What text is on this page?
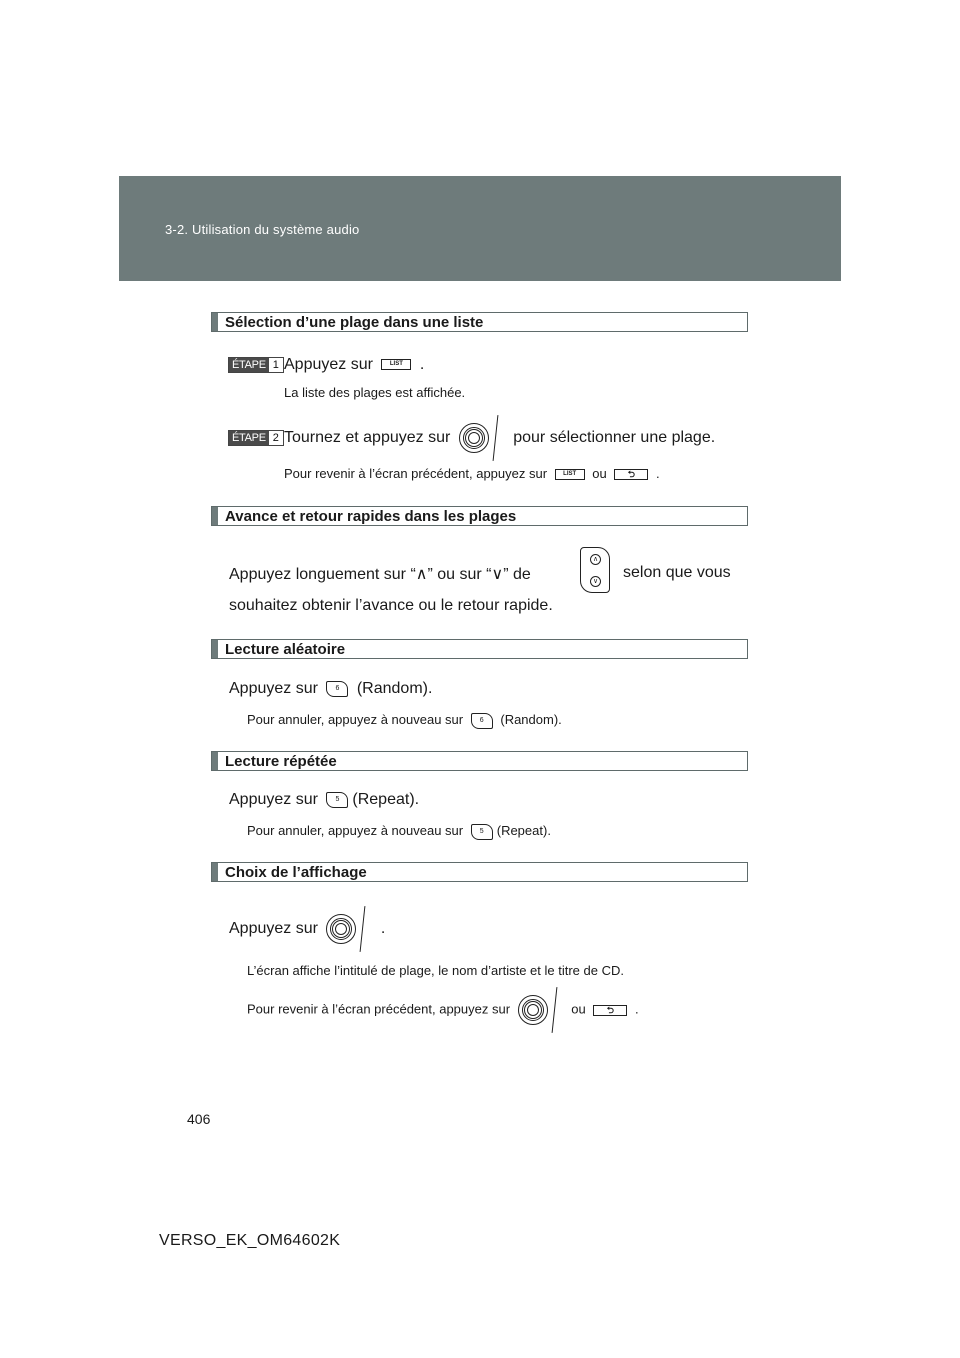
3-2. Utilisation du système audio
Sélection d’une plage dans une liste
ÉTAPE 1 Appuyez sur LIST	.
La liste des plages est affichée.
ÉTAPE 2 Tournez et appuyez sur	pour sélectionner une plage.
Pour revenir à l’écran précédent, appuyez sur LIST	ou ⮌ .
Avance et retour rapides dans les plages
Appuyez longuement sur “∧” ou sur “∨” de
∧
∨
selon que vous
souhaitez obtenir l’avance ou le retour rapide.
Lecture aléatoire
Appuyez sur	6 (Random).
Pour annuler, appuyez à nouveau sur 6 (Random).
Lecture répétée
Appuyez sur	5 (Repeat).
Pour annuler, appuyez à nouveau sur 5 (Repeat).
Choix de l’affichage
Appuyez sur	.
L’écran affiche l’intitulé de plage, le nom d’artiste et le titre de CD.
Pour revenir à l’écran précédent, appuyez sur	ou ⮌ .
406
VERSO_EK_OM64602K
